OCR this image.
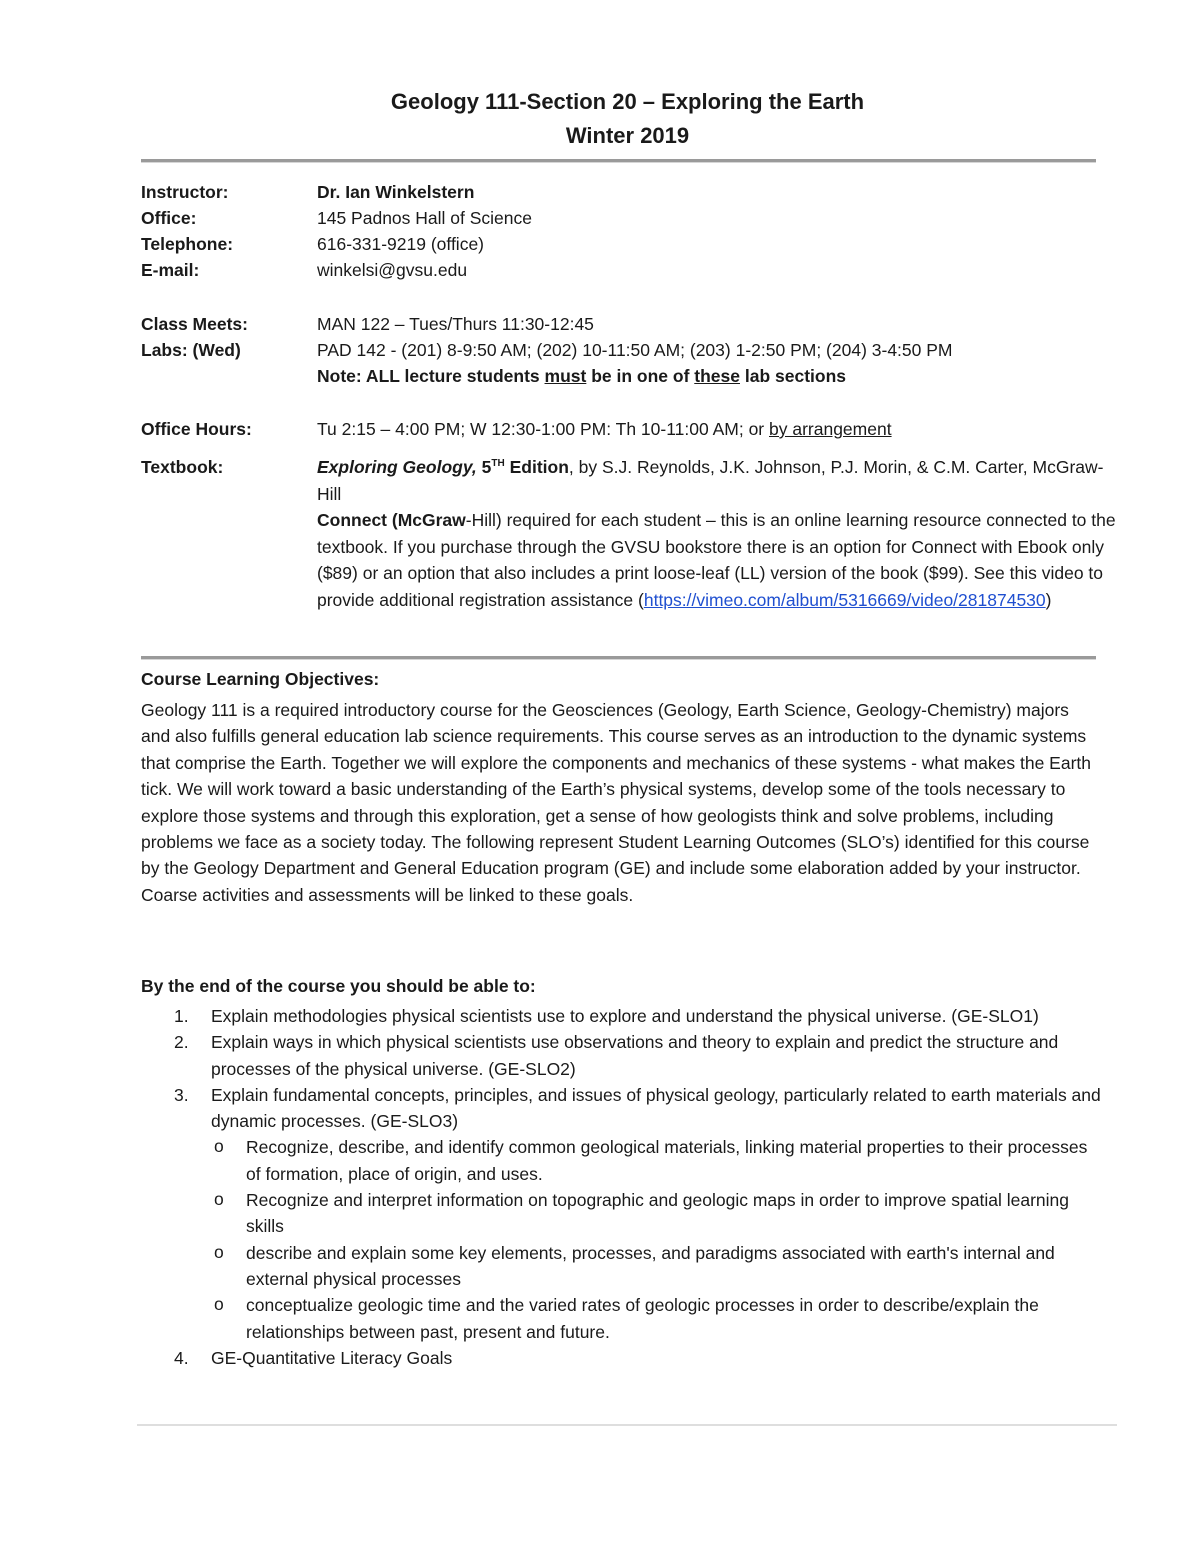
Geology 111-Section 20 – Exploring the Earth
Winter 2019
Instructor:	Dr. Ian Winkelstern
Office:	145 Padnos Hall of Science
Telephone:	616-331-9219 (office)
E-mail:	winkelsi@gvsu.edu
Class Meets:	MAN 122 – Tues/Thurs 11:30-12:45
Labs: (Wed)	PAD 142 - (201) 8-9:50 AM; (202) 10-11:50 AM; (203) 1-2:50 PM; (204) 3-4:50 PM
Note: ALL lecture students must be in one of these lab sections
Office Hours:	Tu 2:15 – 4:00 PM; W 12:30-1:00 PM: Th 10-11:00 AM; or by arrangement
Textbook:	Exploring Geology, 5TH Edition, by S.J. Reynolds, J.K. Johnson, P.J. Morin, & C.M. Carter, McGraw-Hill
Connect (McGraw-Hill) required for each student – this is an online learning resource connected to the textbook. If you purchase through the GVSU bookstore there is an option for Connect with Ebook only ($89) or an option that also includes a print loose-leaf (LL) version of the book ($99). See this video to provide additional registration assistance (https://vimeo.com/album/5316669/video/281874530)
Course Learning Objectives:
Geology 111 is a required introductory course for the Geosciences (Geology, Earth Science, Geology-Chemistry) majors and also fulfills general education lab science requirements. This course serves as an introduction to the dynamic systems that comprise the Earth. Together we will explore the components and mechanics of these systems - what makes the Earth tick. We will work toward a basic understanding of the Earth’s physical systems, develop some of the tools necessary to explore those systems and through this exploration, get a sense of how geologists think and solve problems, including problems we face as a society today. The following represent Student Learning Outcomes (SLO’s) identified for this course by the Geology Department and General Education program (GE) and include some elaboration added by your instructor. Coarse activities and assessments will be linked to these goals.
By the end of the course you should be able to:
1. Explain methodologies physical scientists use to explore and understand the physical universe. (GE-SLO1)
2. Explain ways in which physical scientists use observations and theory to explain and predict the structure and processes of the physical universe. (GE-SLO2)
3. Explain fundamental concepts, principles, and issues of physical geology, particularly related to earth materials and dynamic processes. (GE-SLO3)
o Recognize, describe, and identify common geological materials, linking material properties to their processes of formation, place of origin, and uses.
o Recognize and interpret information on topographic and geologic maps in order to improve spatial learning skills
o describe and explain some key elements, processes, and paradigms associated with earth's internal and external physical processes
o conceptualize geologic time and the varied rates of geologic processes in order to describe/explain the relationships between past, present and future.
4. GE-Quantitative Literacy Goals
